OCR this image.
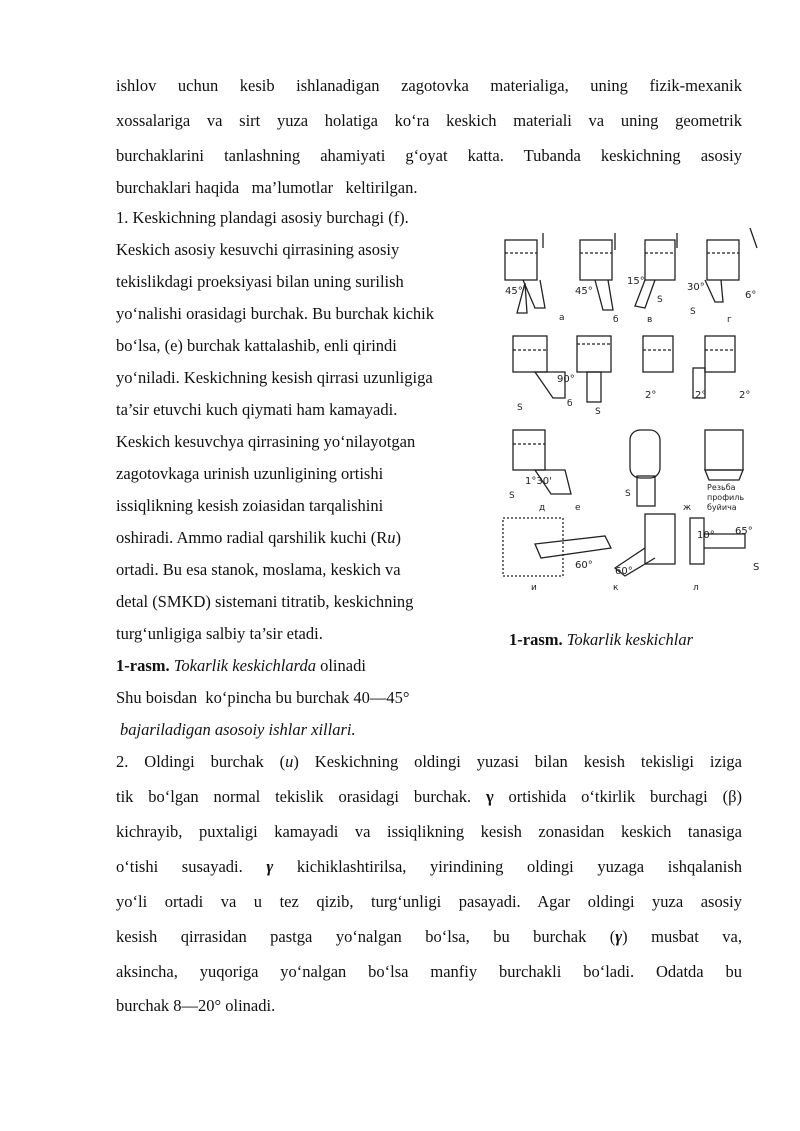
ishlov uchun kesib ishlanadigan zagotovka materialiga, uning fizik-mexanik
xossalariga va sirt yuza holatiga ko‘ra keskich materiali va uning geometrik
burchaklarini tanlashning ahamiyati g‘oyat katta. Tubanda keskichning asosiy
burchaklari haqida   ma’lumotlar   keltirilgan.
1. Keskichning plandagi asosiy burchagi (f).
Keskich asosiy kesuvchi qirrasining asosiy
tekislikdagi proeksiyasi bilan uning surilish
yo‘nalishi orasidagi burchak. Bu burchak kichik
bo‘lsa, (e) burchak kattalashib, enli qirindi
yo‘niladi. Keskichning kesish qirrasi uzunligiga
ta’sir etuvchi kuch qiymati ham kamayadi.
Keskich kesuvchya qirrasining yo‘nilayotgan
zagotovkaga urinish uzunligining ortishi
issiqlikning kesish zoiasidan tarqalishini
oshiradi. Ammo radial qarshilik kuchi (Ru)
ortadi. Bu esa stanok, moslama, keskich va
detal (SMKD) sistemani titratib, keskichning
turg‘unligiga salbiy ta’sir etadi.
1-rasm. Tokarlik keskichlarda olinadi
Shu boisdan  ko‘pincha bu burchak 40—45°
bajariladigan asosoiy ishlar xillari.
45°	45°
15°
30°
6°
S
S
а	б	в	г
90°
S	б
S
2°	2°	2°
1°30'
S
д	е
Резьба
профиль
буйича
S
ж
60°
60°
10° 65°
S
и	к	л
1-rasm. Tokarlik keskichlar
2. Oldingi burchak (u) Keskichning oldingi yuzasi bilan kesish tekisligi iziga
tik bo‘lgan normal tekislik orasidagi burchak. γ ortishida o‘tkirlik burchagi (β)
kichrayib, puxtaligi kamayadi va issiqlikning kesish zonasidan keskich tanasiga
o‘tishi susayadi. γ kichiklashtirilsa, yirindining oldingi yuzaga ishqalanish
yo‘li ortadi va u tez qizib, turg‘unligi pasayadi. Agar oldingi yuza asosiy
kesish qirrasidan pastga yo‘nalgan bo‘lsa, bu burchak (γ) musbat va,
aksincha, yuqoriga yo‘nalgan bo‘lsa manfiy burchakli bo‘ladi. Odatda bu
burchak 8—20° olinadi.
